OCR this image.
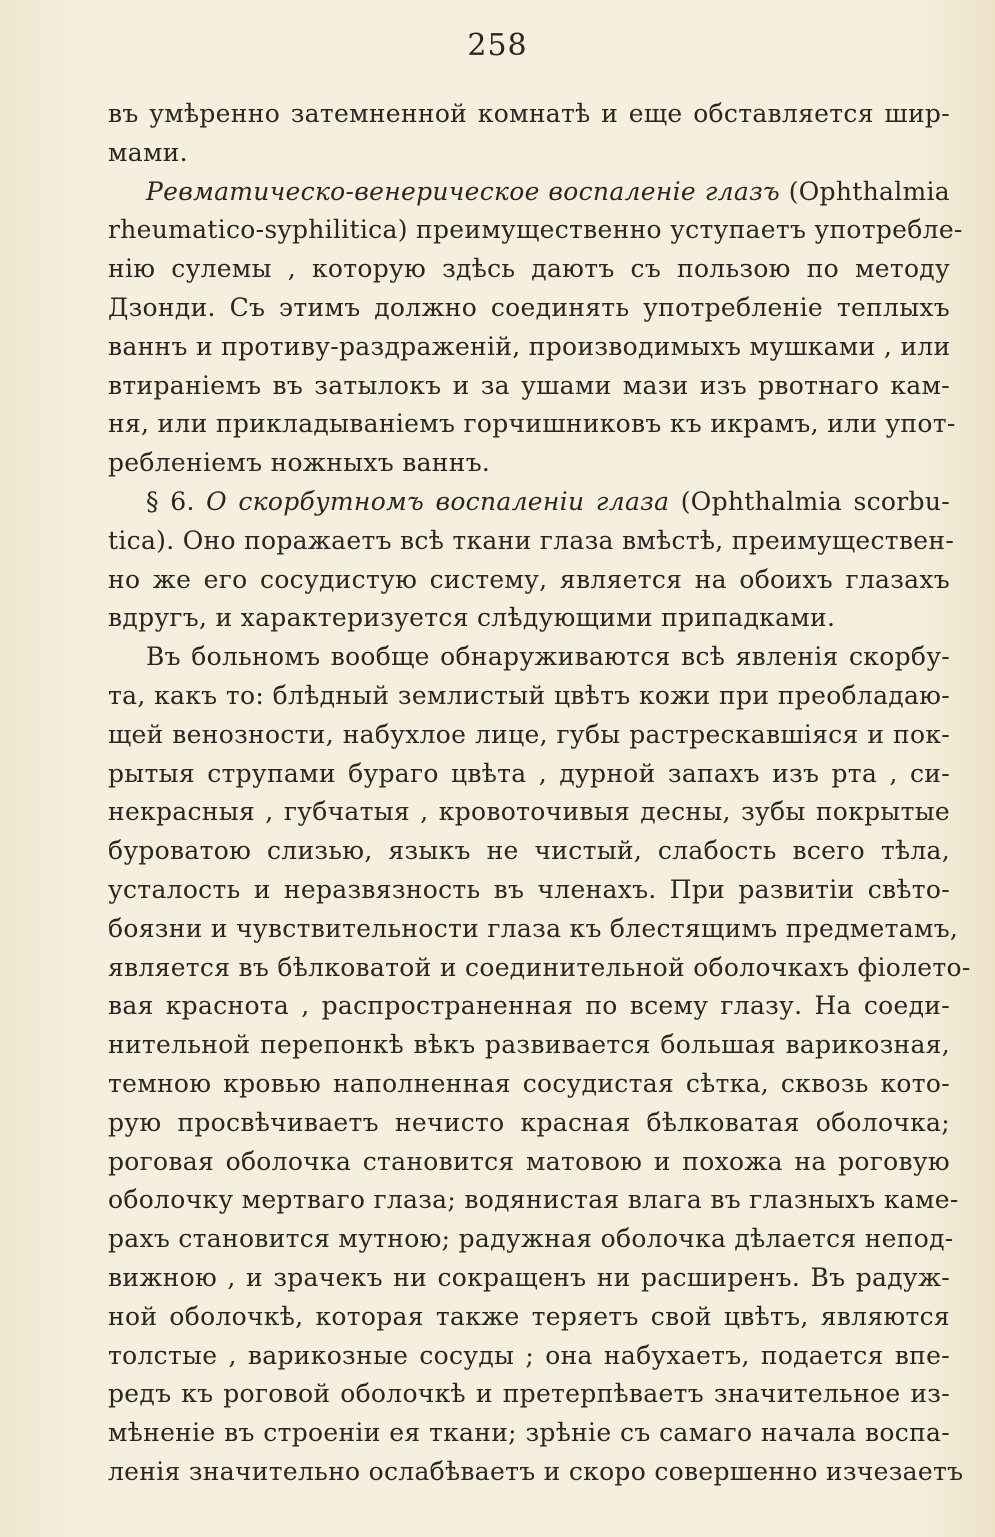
258
въ умѣренно затемненной комнатѣ и еще обставляется шир-
мами.
Ревматическо-венерическое воспаленіе глазъ (Ophthalmia
rheumatico-syphilitica) преимущественно уступаетъ употребле-
нію сулемы , которую здѣсь даютъ съ пользою по методу
Дзонди. Съ этимъ должно соединять употребленіе теплыхъ
ваннъ и противу-раздраженій, производимыхъ мушками , или
втираніемъ въ затылокъ и за ушами мази изъ рвотнаго кам-
ня, или прикладываніемъ горчишниковъ къ икрамъ, или упот-
ребленіемъ ножныхъ ваннъ.
§ 6. О скорбутномъ воспаленіи глаза (Ophthalmia scorbu-
tica). Оно поражаетъ всѣ ткани глаза вмѣстѣ, преимуществен-
но же его сосудистую систему, является на обоихъ глазахъ
вдругъ, и характеризуется слѣдующими припадками.
Въ больномъ вообще обнаруживаются всѣ явленія скорбу-
та, какъ то: блѣдный землистый цвѣтъ кожи при преобладаю-
щей венозности, набухлое лице, губы растрескавшіяся и пок-
рытыя струпами бураго цвѣта , дурной запахъ изъ рта , си-
некрасныя , губчатыя , кровоточивыя десны, зубы покрытые
буроватою слизью, языкъ не чистый, слабость всего тѣла,
усталость и неразвязность въ членахъ. При развитіи свѣто-
боязни и чувствительности глаза къ блестящимъ предметамъ,
является въ бѣлковатой и соединительной оболочкахъ фіолето-
вая краснота , распространенная по всему глазу. На соеди-
нительной перепонкѣ вѣкъ развивается большая варикозная,
темною кровью наполненная сосудистая сѣтка, сквозь кото-
рую просвѣчиваетъ нечисто красная бѣлковатая оболочка;
роговая оболочка становится матовою и похожа на роговую
оболочку мертваго глаза; водянистая влага въ глазныхъ каме-
рахъ становится мутною; радужная оболочка дѣлается непод-
вижною , и зрачекъ ни сокращенъ ни расширенъ. Въ радуж-
ной оболочкѣ, которая также теряетъ свой цвѣтъ, являются
толстые , варикозные сосуды ; она набухаетъ, подается впе-
редъ къ роговой оболочкѣ и претерпѣваетъ значительное из-
мѣненіе въ строеніи ея ткани; зрѣніе съ самаго начала воспа-
ленія значительно ослабѣваетъ и скоро совершенно изчезаетъ
